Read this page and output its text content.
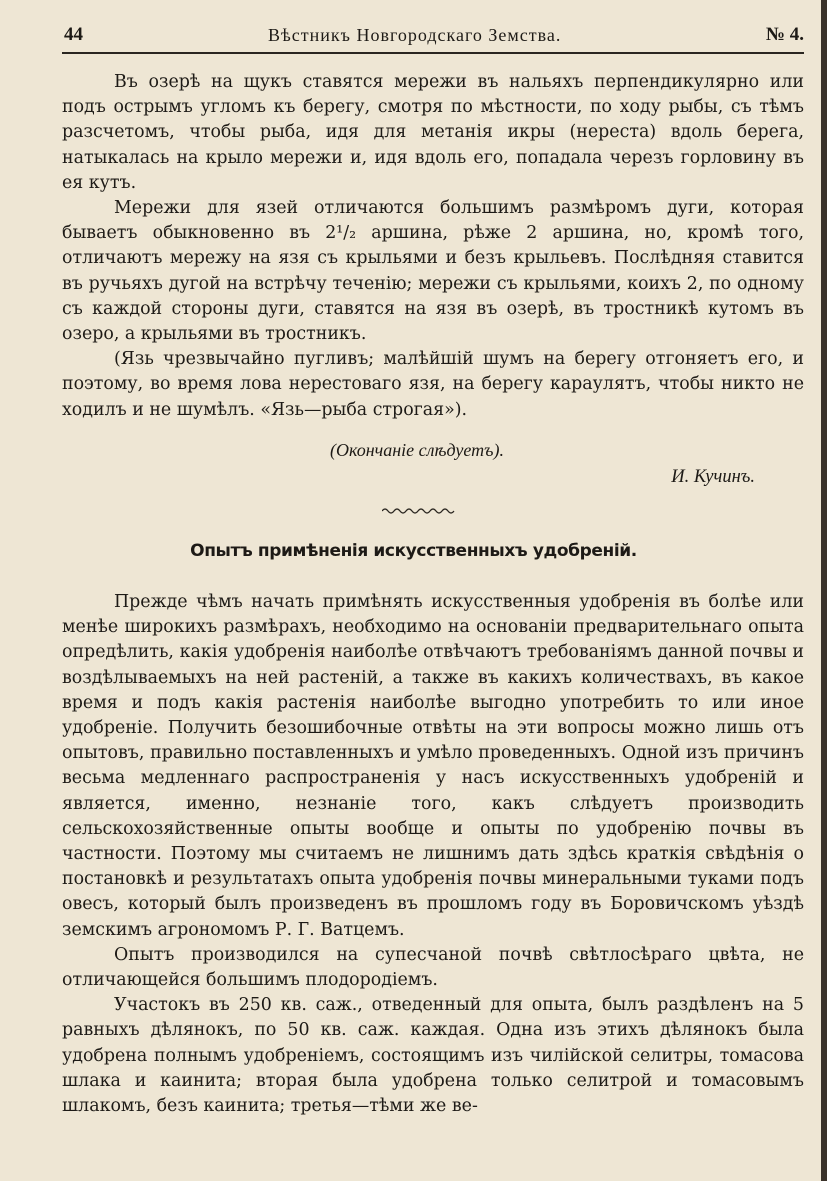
44	Вѣстникъ Новгородскаго Земства.	№ 4.

Въ озерѣ на щукъ ставятся мережи въ нальяхъ перпендикулярно или подъ острымъ угломъ къ берегу, смотря по мѣстности, по ходу рыбы, съ тѣмъ разсчетомъ, чтобы рыба, идя для метанія икры (нереста) вдоль берега, натыкалась на крыло мережи и, идя вдоль его, попадала черезъ горловину въ ея кутъ.

Мережи для язей отличаются большимъ размѣромъ дуги, которая бываетъ обыкновенно въ 2¹/₂ аршина, рѣже 2 аршина, но, кромѣ того, отличаютъ мережу на язя съ крыльями и безъ крыльевъ. Послѣдняя ставится въ ручьяхъ дугой на встрѣчу теченію; мережи съ крыльями, коихъ 2, по одному съ каждой стороны дуги, ставятся на язя въ озерѣ, въ тростникѣ кутомъ въ озеро, а крыльями въ тростникъ.

(Язь чрезвычайно пугливъ; малѣйшій шумъ на берегу отгоняетъ его, и поэтому, во время лова нерестоваго язя, на берегу караулятъ, чтобы никто не ходилъ и не шумѣлъ. «Язь—рыба строгая»).

(Окончаніе слѣдуетъ).
И. Кучинъ.
Опытъ примѣненія искусственныхъ удобреній.

Прежде чѣмъ начать примѣнять искусственныя удобренія въ болѣе или менѣе широкихъ размѣрахъ, необходимо на основаніи предварительнаго опыта опредѣлить, какія удобренія наиболѣе отвѣчаютъ требованіямъ данной почвы и воздѣлываемыхъ на ней растеній, а также въ какихъ количествахъ, въ какое время и подъ какія растенія наиболѣе выгодно употребить то или иное удобреніе. Получить безошибочные отвѣты на эти вопросы можно лишь отъ опытовъ, правильно поставленныхъ и умѣло проведенныхъ. Одной изъ причинъ весьма медленнаго распространенія у насъ искусственныхъ удобреній и является, именно, незнаніе того, какъ слѣдуетъ производить сельскохозяйственные опыты вообще и опыты по удобренію почвы въ частности. Поэтому мы считаемъ не лишнимъ дать здѣсь краткія свѣдѣнія о постановкѣ и результатахъ опыта удобренія почвы минеральными туками подъ овесъ, который былъ произведенъ въ прошломъ году въ Боровичскомъ уѣздѣ земскимъ агрономомъ Р. Г. Ватцемъ.

Опытъ производился на супесчаной почвѣ свѣтлосѣраго цвѣта, не отличающейся большимъ плодородіемъ.

Участокъ въ 250 кв. саж., отведенный для опыта, былъ раздѣленъ на 5 равныхъ дѣлянокъ, по 50 кв. саж. каждая. Одна изъ этихъ дѣлянокъ была удобрена полнымъ удобреніемъ, состоящимъ изъ чилійской селитры, томасова шлака и каинита; вторая была удобрена только селитрой и томасовымъ шлакомъ, безъ каинита; третья—тѣми же ве-
